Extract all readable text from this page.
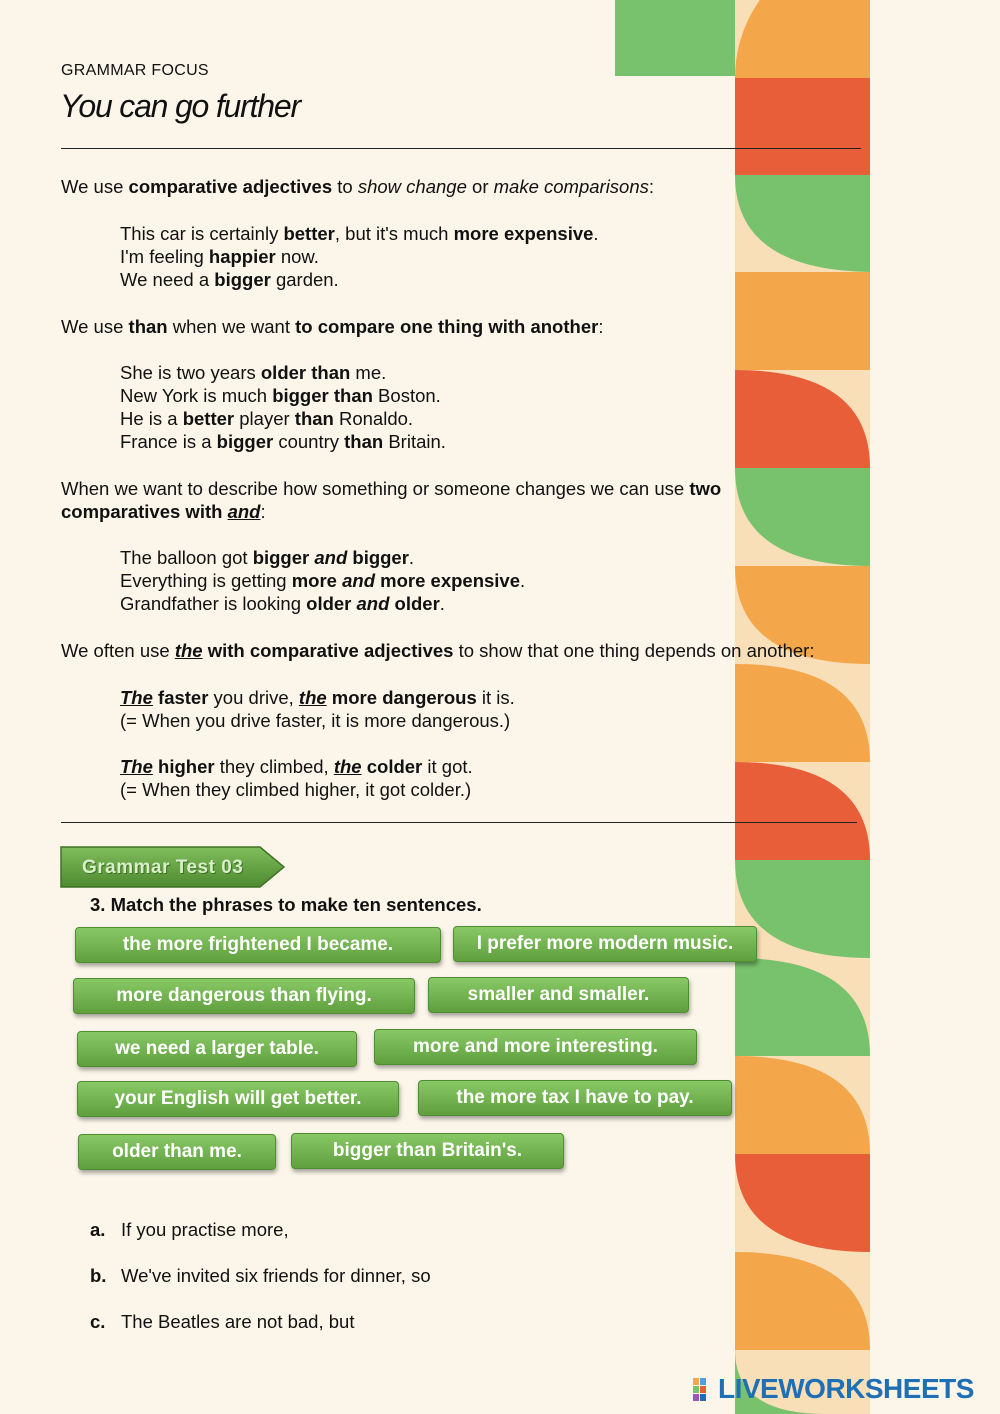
GRAMMAR FOCUS
You can go further
We use comparative adjectives to show change or make comparisons:
This car is certainly better, but it's much more expensive.
I'm feeling happier now.
We need a bigger garden.
We use than when we want to compare one thing with another:
She is two years older than me.
New York is much bigger than Boston.
He is a better player than Ronaldo.
France is a bigger country than Britain.
When we want to describe how something or someone changes we can use two
comparatives with and:
The balloon got bigger and bigger.
Everything is getting more and more expensive.
Grandfather is looking older and older.
We often use the with comparative adjectives to show that one thing depends on another:
The faster you drive, the more dangerous it is.
(= When you drive faster, it is more dangerous.)
The higher they climbed, the colder it got.
(= When they climbed higher, it got colder.)
Grammar Test 03
3. Match the phrases to make ten sentences.
the more frightened I became.	I prefer more modern music.
more dangerous than flying.	smaller and smaller.
we need a larger table.	more and more interesting.
your English will get better.	the more tax I have to pay.
older than me.	bigger than Britain's.
a. If you practise more,
b. We've invited six friends for dinner, so
c. The Beatles are not bad, but
LIVEWORKSHEETS
